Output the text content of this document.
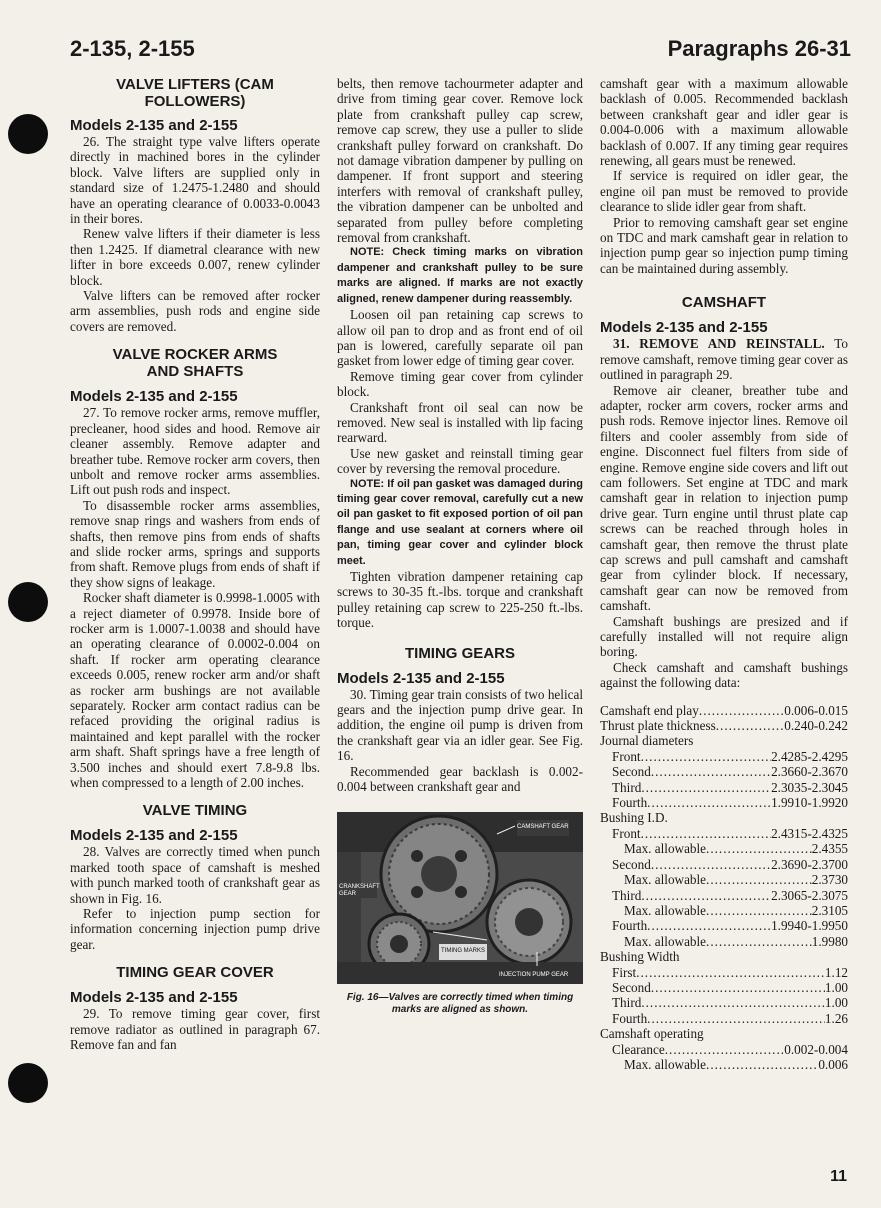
2-135, 2-155	Paragraphs 26-31
VALVE LIFTERS (CAM FOLLOWERS)
Models 2-135 and 2-155

26. The straight type valve lifters operate directly in machined bores in the cylinder block. Valve lifters are supplied only in standard size of 1.2475-1.2480 and should have an operating clearance of 0.0033-0.0043 in their bores.

Renew valve lifters if their diameter is less then 1.2425. If diametral clearance with new lifter in bore exceeds 0.007, renew cylinder block.

Valve lifters can be removed after rocker arm assemblies, push rods and engine side covers are removed.

VALVE ROCKER ARMS AND SHAFTS
Models 2-135 and 2-155

27. To remove rocker arms, remove muffler, precleaner, hood sides and hood. Remove air cleaner assembly. Remove adapter and breather tube. Remove rocker arm covers, then unbolt and remove rocker arms assemblies. Lift out push rods and inspect.

To disassemble rocker arms assemblies, remove snap rings and washers from ends of shafts, then remove pins from ends of shafts and slide rocker arms, springs and supports from shaft. Remove plugs from ends of shaft if they show signs of leakage.

Rocker shaft diameter is 0.9998-1.0005 with a reject diameter of 0.9978. Inside bore of rocker arm is 1.0007-1.0038 and should have an operating clearance of 0.0002-0.004 on shaft. If rocker arm operating clearance exceeds 0.005, renew rocker arm and/or shaft as rocker arm bushings are not available separately. Rocker arm contact radius can be refaced providing the original radius is maintained and kept parallel with the rocker arm shaft. Shaft springs have a free length of 3.500 inches and should exert 7.8-9.8 lbs. when compressed to a length of 2.00 inches.

VALVE TIMING
Models 2-135 and 2-155

28. Valves are correctly timed when punch marked tooth space of camshaft is meshed with punch marked tooth of crankshaft gear as shown in Fig. 16.

Refer to injection pump section for information concerning injection pump drive gear.

TIMING GEAR COVER
Models 2-135 and 2-155

29. To remove timing gear cover, first remove radiator as outlined in paragraph 67. Remove fan and fan

belts, then remove tachourmeter adapter and drive from timing gear cover. Remove lock plate from crankshaft pulley cap screw, remove cap screw, they use a puller to slide crankshaft pulley forward on crankshaft. Do not damage vibration dampener by pulling on dampener. If front support and steering interfers with removal of crankshaft pulley, the vibration dampener can be unbolted and separated from pulley before completing removal from crankshaft.

NOTE: Check timing marks on vibration dampener and crankshaft pulley to be sure marks are aligned. If marks are not exactly aligned, renew dampener during reassembly.

Loosen oil pan retaining cap screws to allow oil pan to drop and as front end of oil pan is lowered, carefully separate oil pan gasket from lower edge of timing gear cover.

Remove timing gear cover from cylinder block.

Crankshaft front oil seal can now be removed. New seal is installed with lip facing rearward.

Use new gasket and reinstall timing gear cover by reversing the removal procedure.

NOTE: If oil pan gasket was damaged during timing gear cover removal, carefully cut a new oil pan gasket to fit exposed portion of oil pan flange and use sealant at corners where oil pan, timing gear cover and cylinder block meet.

Tighten vibration dampener retaining cap screws to 30-35 ft.-lbs. torque and crankshaft pulley retaining cap screw to 225-250 ft.-lbs. torque.

TIMING GEARS
Models 2-135 and 2-155

30. Timing gear train consists of two helical gears and the injection pump drive gear. In addition, the engine oil pump is driven from the crankshaft gear via an idler gear. See Fig. 16.

Recommended gear backlash is 0.002-0.004 between crankshaft gear and

CAMSHAFT GEAR
CRANKSHAFT GEAR
TIMING MARKS
INJECTION PUMP GEAR
Fig. 16—Valves are correctly timed when timing marks are aligned as shown.

camshaft gear with a maximum allowable backlash of 0.005. Recommended backlash between crankshaft gear and idler gear is 0.004-0.006 with a maximum allowable backlash of 0.007. If any timing gear requires renewing, all gears must be renewed.

If service is required on idler gear, the engine oil pan must be removed to provide clearance to slide idler gear from shaft.

Prior to removing camshaft gear set engine on TDC and mark camshaft gear in relation to injection pump gear so injection pump timing can be maintained during assembly.

CAMSHAFT
Models 2-135 and 2-155

31. REMOVE AND REINSTALL. To remove camshaft, remove timing gear cover as outlined in paragraph 29.

Remove air cleaner, breather tube and adapter, rocker arm covers, rocker arms and push rods. Remove injector lines. Remove oil filters and cooler assembly from side of engine. Disconnect fuel filters from side of engine. Remove engine side covers and lift out cam followers. Set engine at TDC and mark camshaft gear in relation to injection pump drive gear. Turn engine until thrust plate cap screws can be reached through holes in camshaft gear, then remove the thrust plate cap screws and pull camshaft and camshaft gear from cylinder block. If necessary, camshaft gear can now be removed from camshaft.

Camshaft bushings are presized and if carefully installed will not require align boring.

Check camshaft and camshaft bushings against the following data:

Camshaft end play .....	0.006-0.015
Thrust plate thickness .....	0.240-0.242
Journal diameters
Front .....	2.4285-2.4295
Second .....	2.3660-2.3670
Third .....	2.3035-2.3045
Fourth .....	1.9910-1.9920
Bushing I.D.
Front .....	2.4315-2.4325
Max. allowable .....	2.4355
Second .....	2.3690-2.3700
Max. allowable .....	2.3730
Third .....	2.3065-2.3075
Max. allowable .....	2.3105
Fourth .....	1.9940-1.9950
Max. allowable .....	1.9980
Bushing Width
First .....	1.12
Second .....	1.00
Third .....	1.00
Fourth .....	1.26
Camshaft operating
Clearance .....	0.002-0.004
Max. allowable .....	0.006
11
